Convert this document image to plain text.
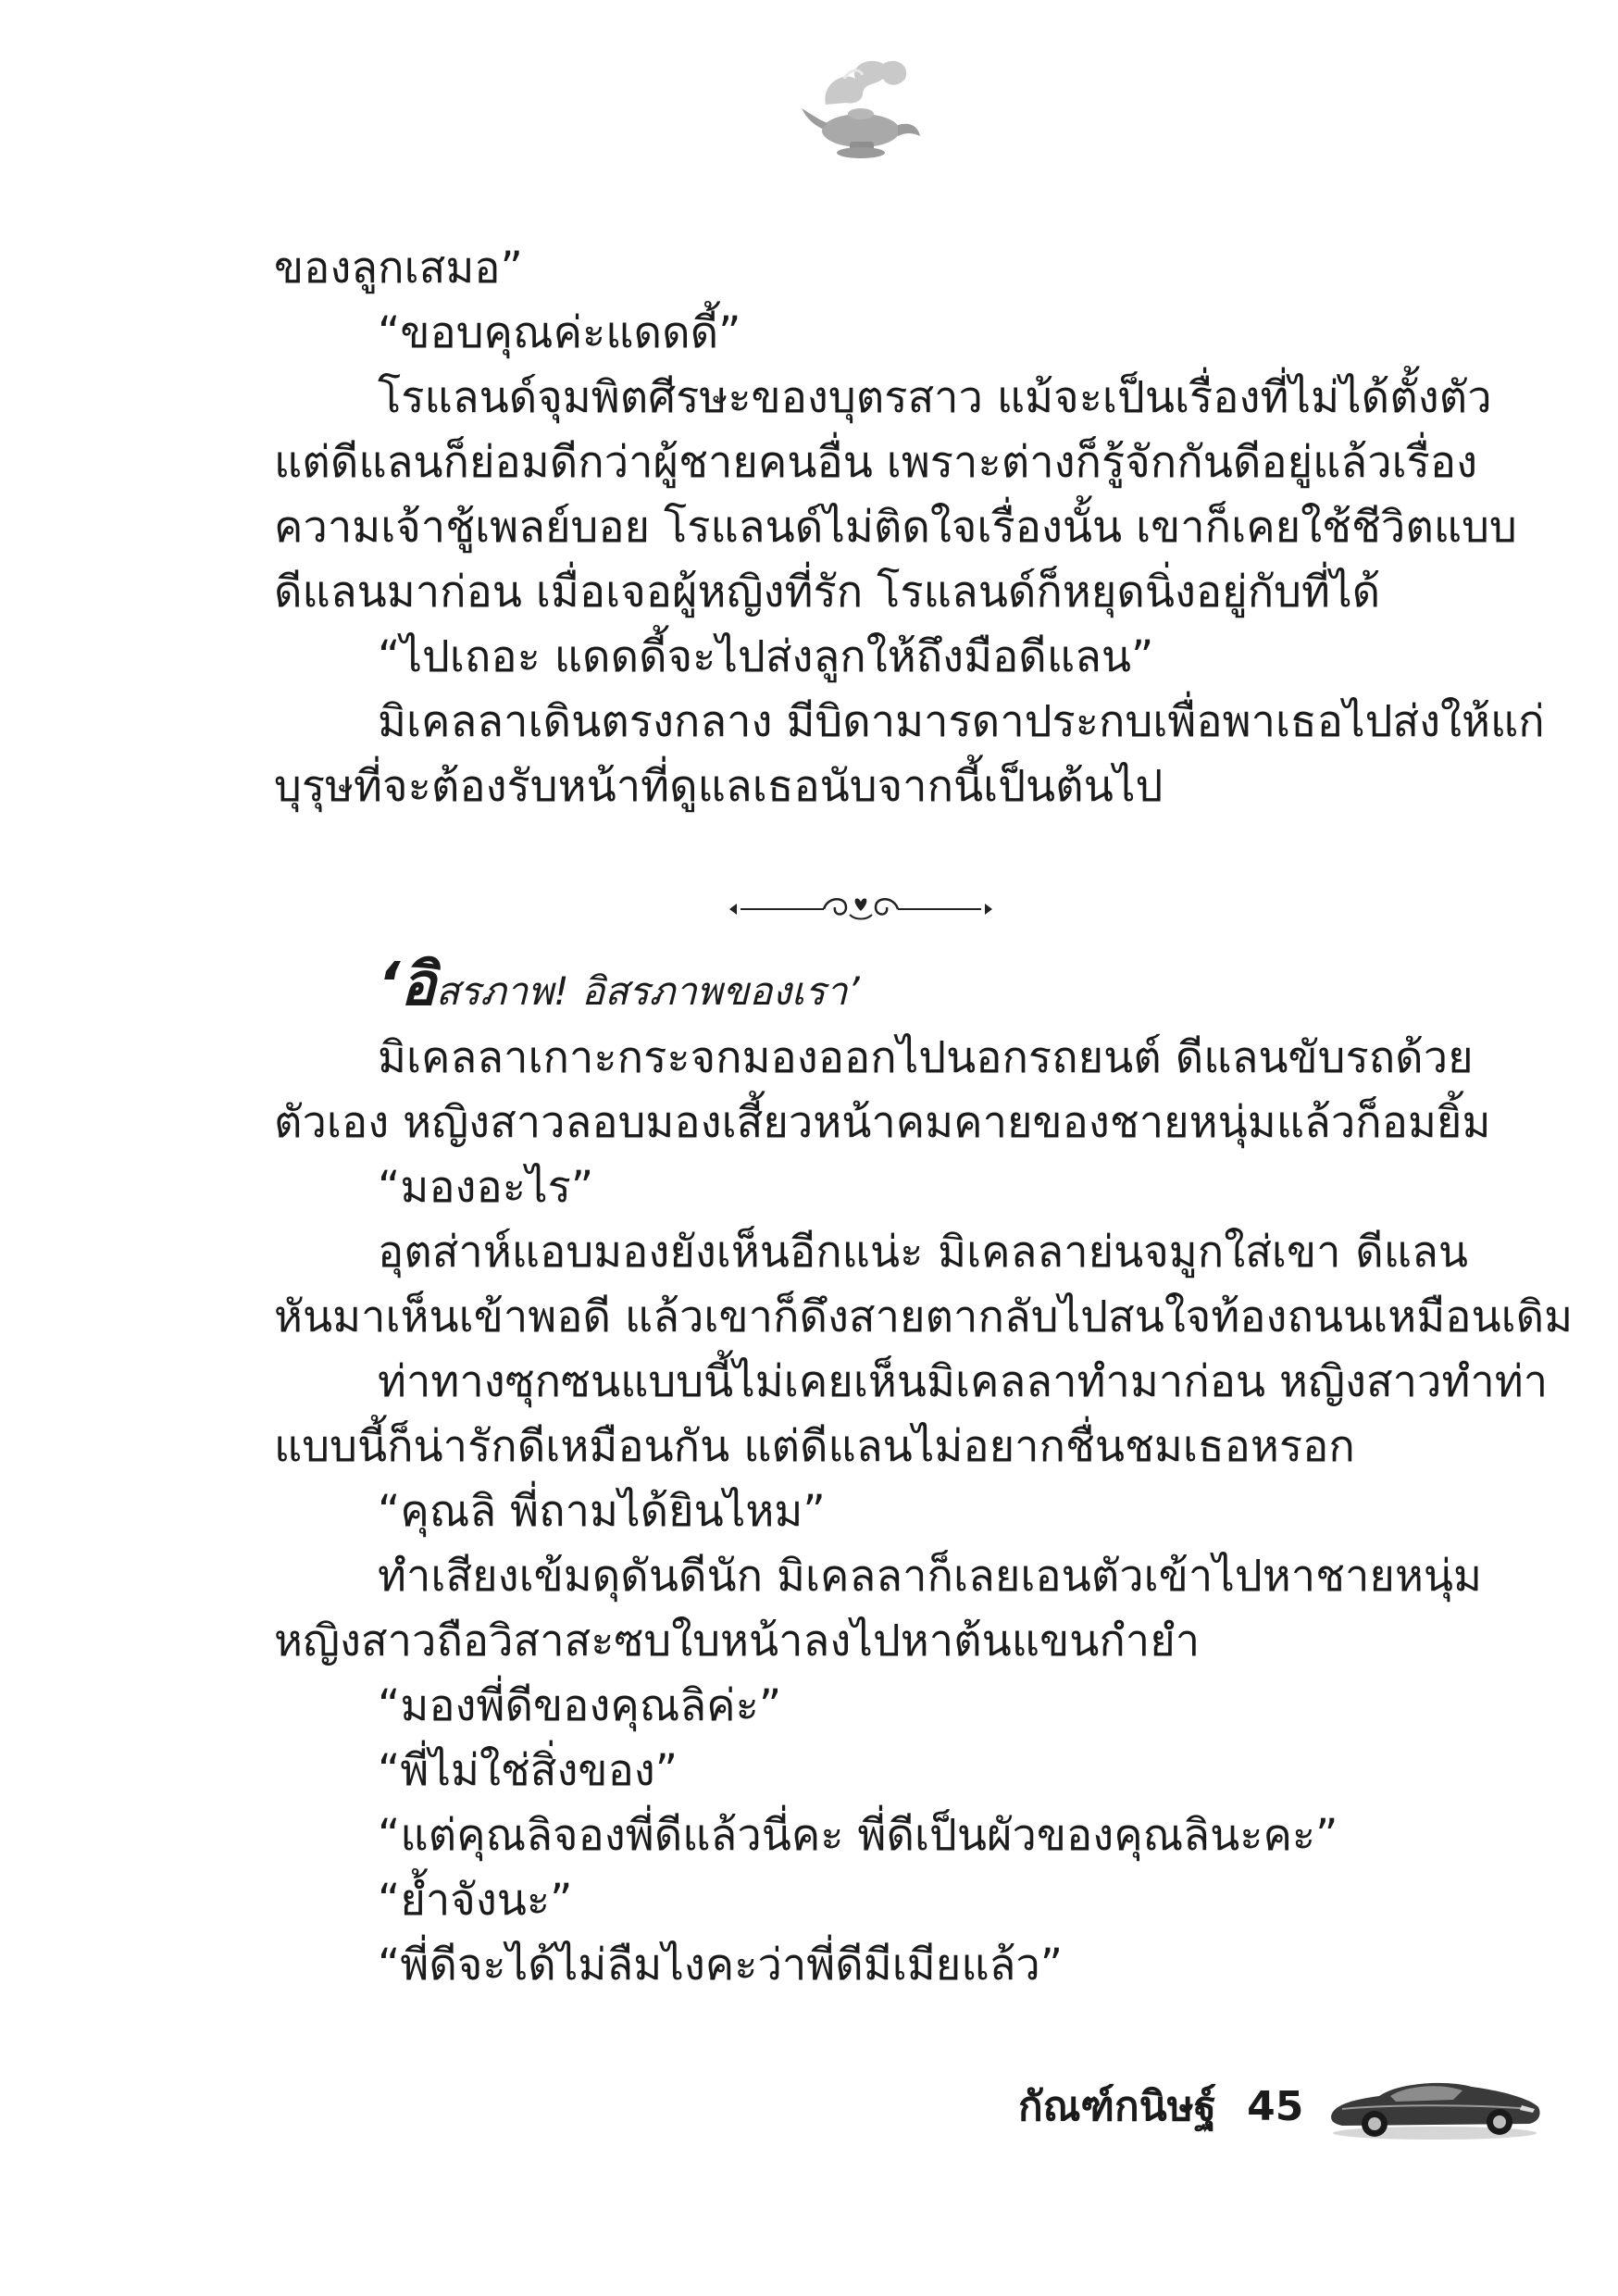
ของลูกเสมอ”
“ขอบคุณค่ะแดดดี้”
โรแลนด์จุมพิตศีรษะของบุตรสาว แม้จะเป็นเรื่องที่ไม่ได้ตั้งตัว
แต่ดีแลนก็ย่อมดีกว่าผู้ชายคนอื่น เพราะต่างก็รู้จักกันดีอยู่แล้วเรื่อง
ความเจ้าชู้เพลย์บอย โรแลนด์ไม่ติดใจเรื่องนั้น เขาก็เคยใช้ชีวิตแบบ
ดีแลนมาก่อน เมื่อเจอผู้หญิงที่รัก โรแลนด์ก็หยุดนิ่งอยู่กับที่ได้
“ไปเถอะ แดดดี้จะไปส่งลูกให้ถึงมือดีแลน”
มิเคลลาเดินตรงกลาง มีบิดามารดาประกบเพื่อพาเธอไปส่งให้แก่
บุรุษที่จะต้องรับหน้าที่ดูแลเธอนับจากนี้เป็นต้นไป
‘อิสรภาพ! อิสรภาพของเรา’
มิเคลลาเกาะกระจกมองออกไปนอกรถยนต์ ดีแลนขับรถด้วย
ตัวเอง หญิงสาวลอบมองเสี้ยวหน้าคมคายของชายหนุ่มแล้วก็อมยิ้ม
“มองอะไร”
อุตส่าห์แอบมองยังเห็นอีกแน่ะ มิเคลลาย่นจมูกใส่เขา ดีแลน
หันมาเห็นเข้าพอดี แล้วเขาก็ดึงสายตากลับไปสนใจท้องถนนเหมือนเดิม
ท่าทางซุกซนแบบนี้ไม่เคยเห็นมิเคลลาทำมาก่อน หญิงสาวทำท่า
แบบนี้ก็น่ารักดีเหมือนกัน แต่ดีแลนไม่อยากชื่นชมเธอหรอก
“คุณลิ พี่ถามได้ยินไหม”
ทำเสียงเข้มดุดันดีนัก มิเคลลาก็เลยเอนตัวเข้าไปหาชายหนุ่ม
หญิงสาวถือวิสาสะซบใบหน้าลงไปหาต้นแขนกำยำ
“มองพี่ดีของคุณลิค่ะ”
“พี่ไม่ใช่สิ่งของ”
“แต่คุณลิจองพี่ดีแล้วนี่คะ พี่ดีเป็นผัวของคุณลินะคะ”
“ย้ำจังนะ”
“พี่ดีจะได้ไม่ลืมไงคะว่าพี่ดีมีเมียแล้ว”
กัณฑ์กนิษฐ์ 45
